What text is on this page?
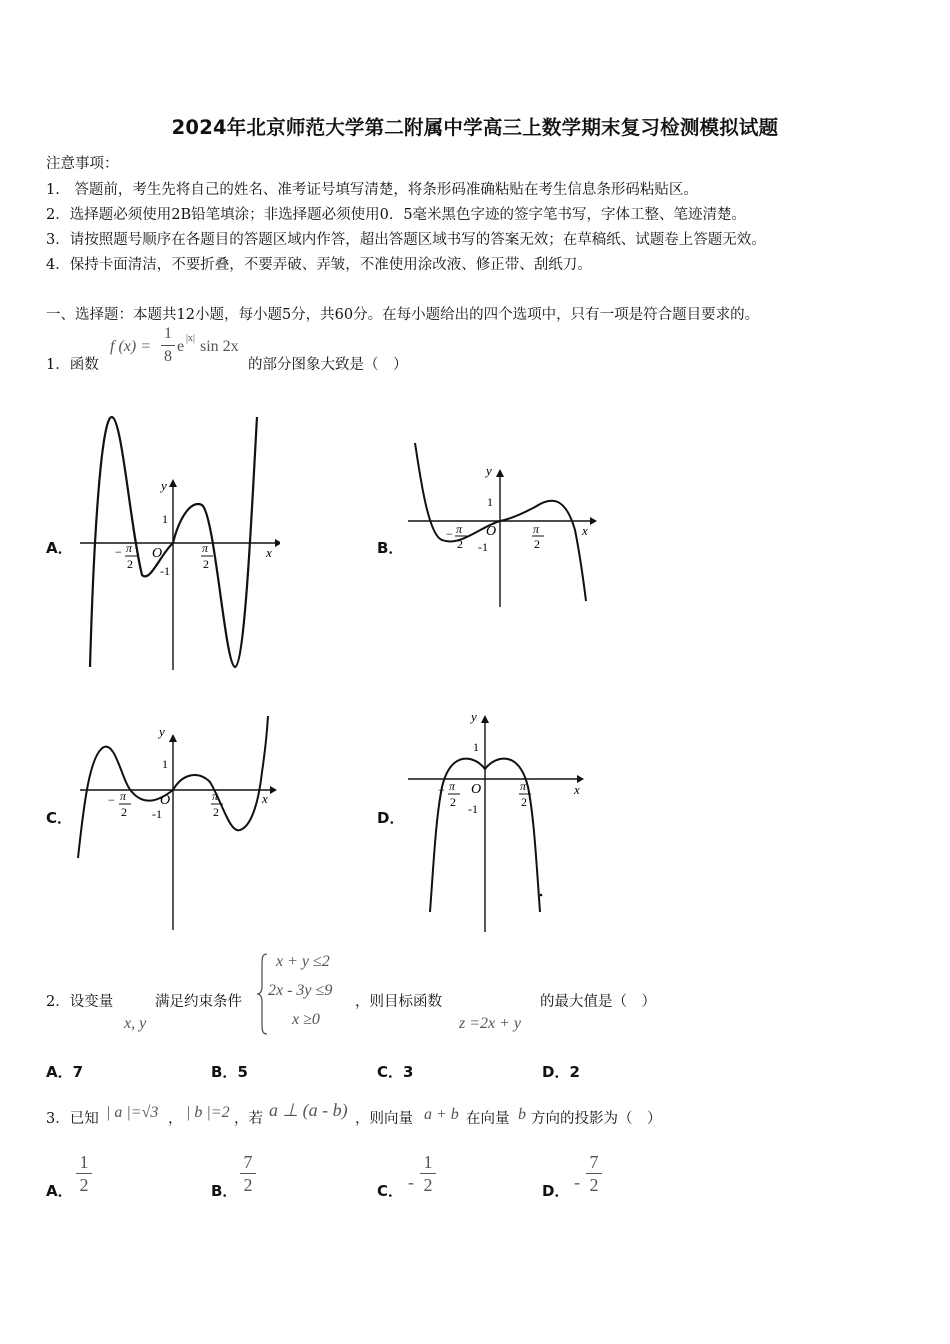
2024年北京师范大学第二附属中学高三上数学期末复习检测模拟试题
注意事项：
1.　答题前，考生先将自己的姓名、准考证号填写清楚，将条形码准确粘贴在考生信息条形码粘贴区。
2．选择题必须使用2B铅笔填涂；非选择题必须使用0．5毫米黑色字迹的签字笔书写，字体工整、笔迹清楚。
3．请按照题号顺序在各题目的答题区域内作答，超出答题区域书写的答案无效；在草稿纸、试题卷上答题无效。
4．保持卡面清洁，不要折叠，不要弄破、弄皱，不准使用涂改液、修正带、刮纸刀。
一、选择题：本题共12小题，每小题5分，共60分。在每小题给出的四个选项中，只有一项是符合题目要求的。
1．函数
f (x) =
1
8
e |x| sin 2x
的部分图象大致是（　）
A．	B．
C．	D．
y
x
O
1
-1
− π
2
π
2
y
x
O
1
-1
− π
2
π
2
y
x
O
1
-1
− π
2
π
2
y
x
O
1
-1
− π
2
π
2
2．设变量
x, y
满足约束条件
x + y ≤2
2x - 3y ≤9
x ≥0
，则目标函数
z =2x + y
的最大值是（　）
A．7	B．5	C．3	D．2
3．已知 | a |=√3 ， | b |=2 ，若 a ⊥ (a - b) ，则向量 a + b 在向量 b 方向的投影为（　）
A．
1
2	B．
7
2	C． -
1
2	D． -
7
2
